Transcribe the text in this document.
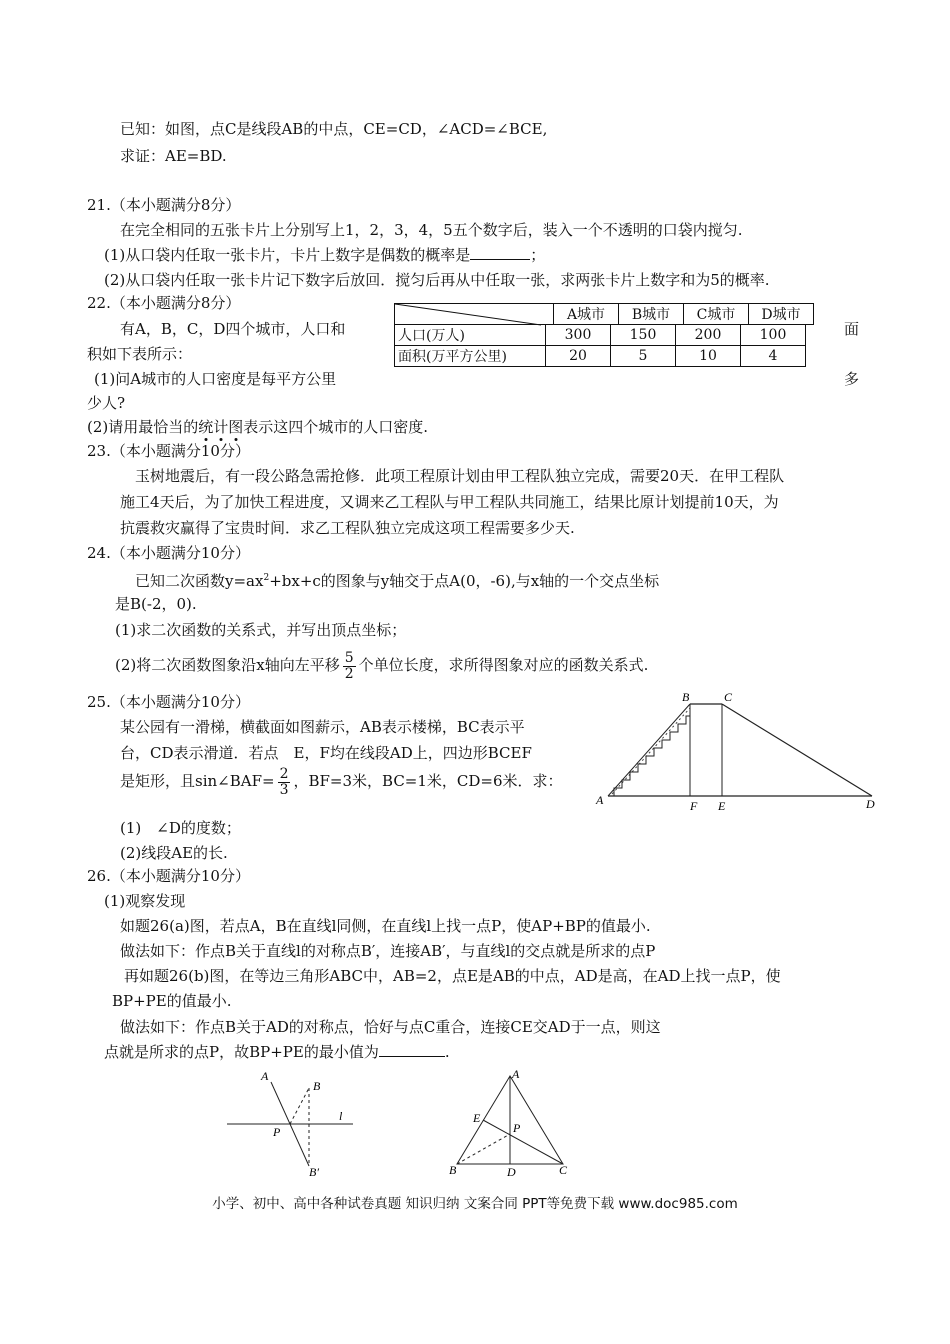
已知：如图，点C是线段AB的中点，CE=CD，∠ACD=∠BCE,
求证：AE=BD.
21.（本小题满分8分）
在完全相同的五张卡片上分别写上1，2，3，4，5五个数字后，装入一个不透明的口袋内搅匀.
(1)从口袋内任取一张卡片，卡片上数字是偶数的概率是	；
(2)从口袋内任取一张卡片记下数字后放回．搅匀后再从中任取一张，求两张卡片上数字和为5的概率.
22.（本小题满分8分）
有A，B，C，D四个城市，人口和	面
积如下表所示：
(1)问A城市的人口密度是每平方公里	多
少人?
(2)请用最恰当的统计图表示这四个城市的人口密度.
	A城市	B城市	C城市	D城市
人口(万人)	300	150	200	100
面积(万平方公里)	20	5	10	4
23.（本小题满分10分）
玉树地震后，有一段公路急需抢修．此项工程原计划由甲工程队独立完成，需要20天．在甲工程队
施工4天后，为了加快工程进度，又调来乙工程队与甲工程队共同施工，结果比原计划提前10天，为
抗震救灾赢得了宝贵时间．求乙工程队独立完成这项工程需要多少天.
24.（本小题满分10分）
已知二次函数$y=ax^2+bx+c$的图象与y轴交于点A(0，-6),与x轴的一个交点坐标
是B(-2，0).
(1)求二次函数的关系式，并写出顶点坐标；
(2)将二次函数图象沿x轴向左平移 $\frac{5}{2}$ 个单位长度，求所得图象对应的函数关系式.
25.（本小题满分10分）
某公园有一滑梯，横截面如图薪示，AB表示楼梯，BC表示平
台，CD表示滑道．若点　E，F均在线段AD上，四边形BCEF
是矩形，且sin∠BAF= $\frac{2}{3}$ ，BF=3米，BC=1米，CD=6米．求：
(1)　∠D的度数；
(2)线段AE的长.
B	C
A	F E	D
26.（本小题满分10分）
(1)观察发现
如题26(a)图，若点A，B在直线l同侧，在直线l上找一点P，使AP+BP的值最小.
做法如下：作点B关于直线l的对称点B′，连接AB′，与直线l的交点就是所求的点P
再如题26(b)图，在等边三角形ABC中，AB=2，点E是AB的中点，AD是高，在AD上找一点P，使
BP+PE的值最小.
做法如下：作点B关于AD的对称点，恰好与点C重合，连接CE交AD于一点，则这
点就是所求的点P，故BP+PE的最小值为	.
A
B
l
P
B′
A
E
P
B	D	C
小学、初中、高中各种试卷真题 知识归纳 文案合同 PPT等免费下载 www.doc985.com
